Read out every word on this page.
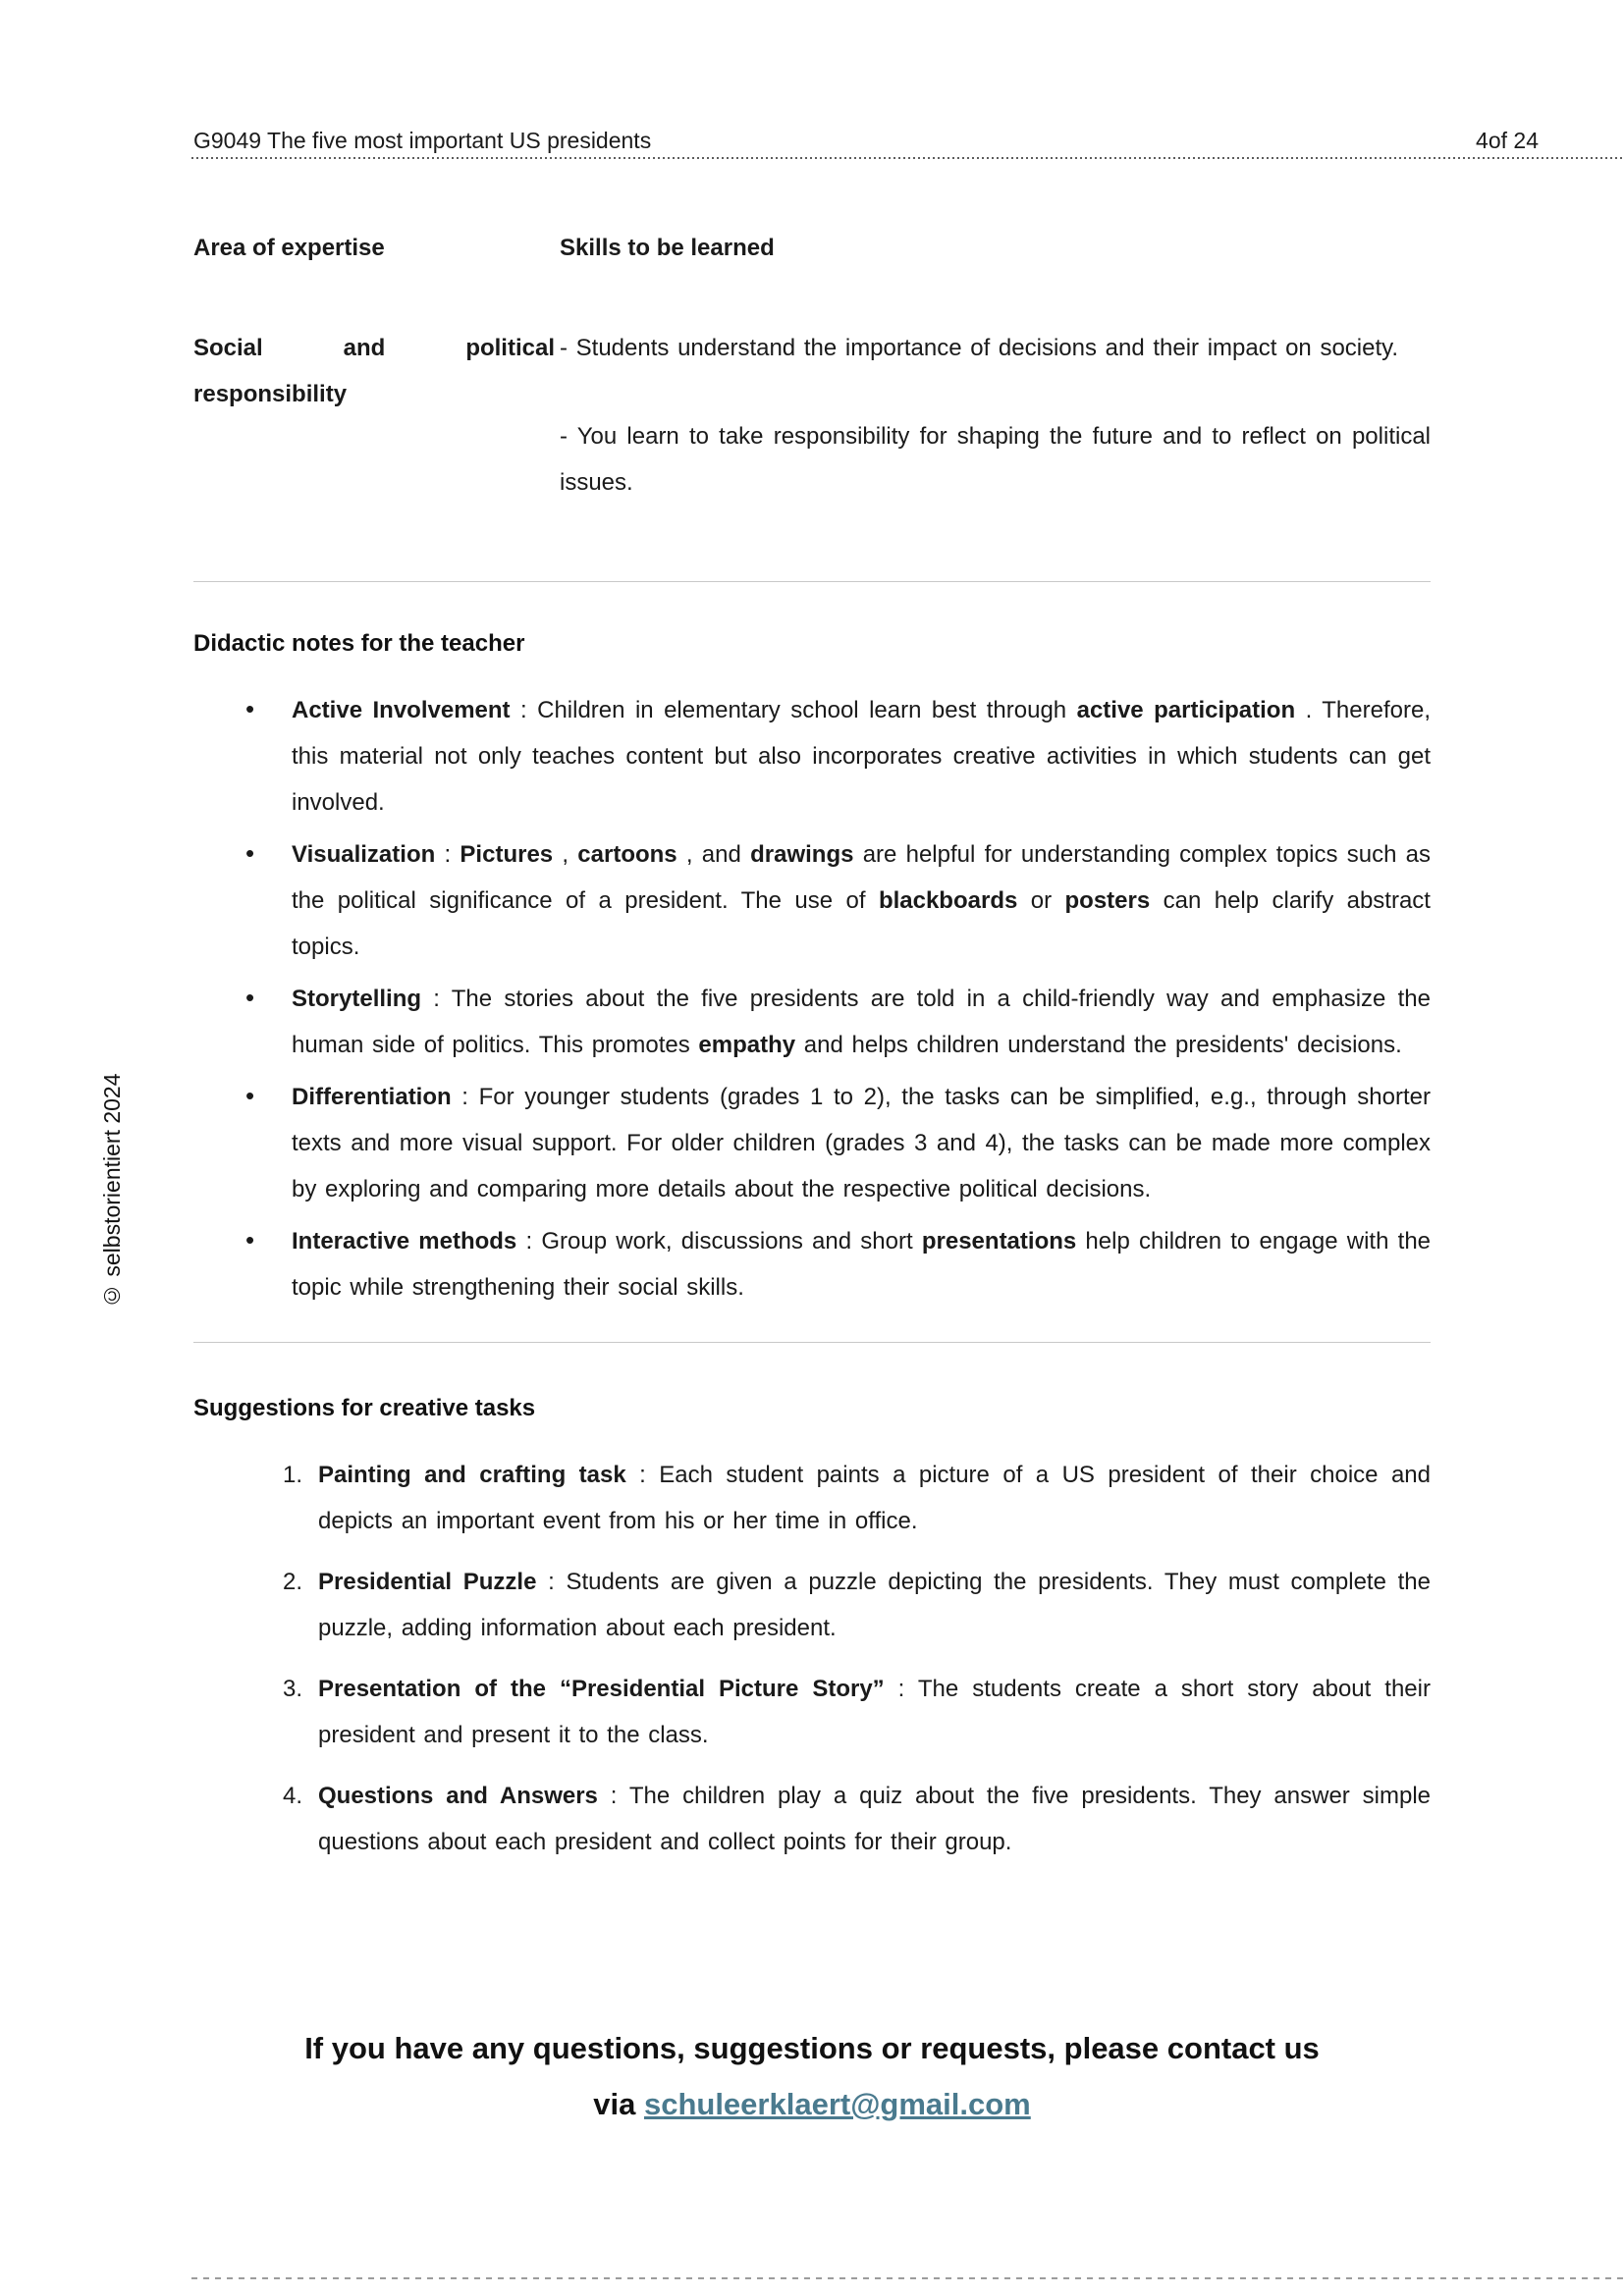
© selbstorientiert 2024
G9049 The five most important US presidents	4of 24
Area of expertise	Skills to be learned
Social and political responsibility

- Students understand the importance of decisions and their impact on society.

- You learn to take responsibility for shaping the future and to reflect on political issues.

Didactic notes for the teacher
• Active Involvement : Children in elementary school learn best through active participation . Therefore, this material not only teaches content but also incorporates creative activities in which students can get involved.
• Visualization : Pictures , cartoons , and drawings are helpful for understanding complex topics such as the political significance of a president. The use of blackboards or posters can help clarify abstract topics.
• Storytelling : The stories about the five presidents are told in a child-friendly way and emphasize the human side of politics. This promotes empathy and helps children understand the presidents' decisions.
• Differentiation : For younger students (grades 1 to 2), the tasks can be simplified, e.g., through shorter texts and more visual support. For older children (grades 3 and 4), the tasks can be made more complex by exploring and comparing more details about the respective political decisions.
• Interactive methods : Group work, discussions and short presentations help children to engage with the topic while strengthening their social skills.
Suggestions for creative tasks
1. Painting and crafting task : Each student paints a picture of a US president of their choice and depicts an important event from his or her time in office.
2. Presidential Puzzle : Students are given a puzzle depicting the presidents. They must complete the puzzle, adding information about each president.
3. Presentation of the “Presidential Picture Story” : The students create a short story about their president and present it to the class.
4. Questions and Answers : The children play a quiz about the five presidents. They answer simple questions about each president and collect points for their group.
If you have any questions, suggestions or requests, please contact us
via schuleerklaert@gmail.com
